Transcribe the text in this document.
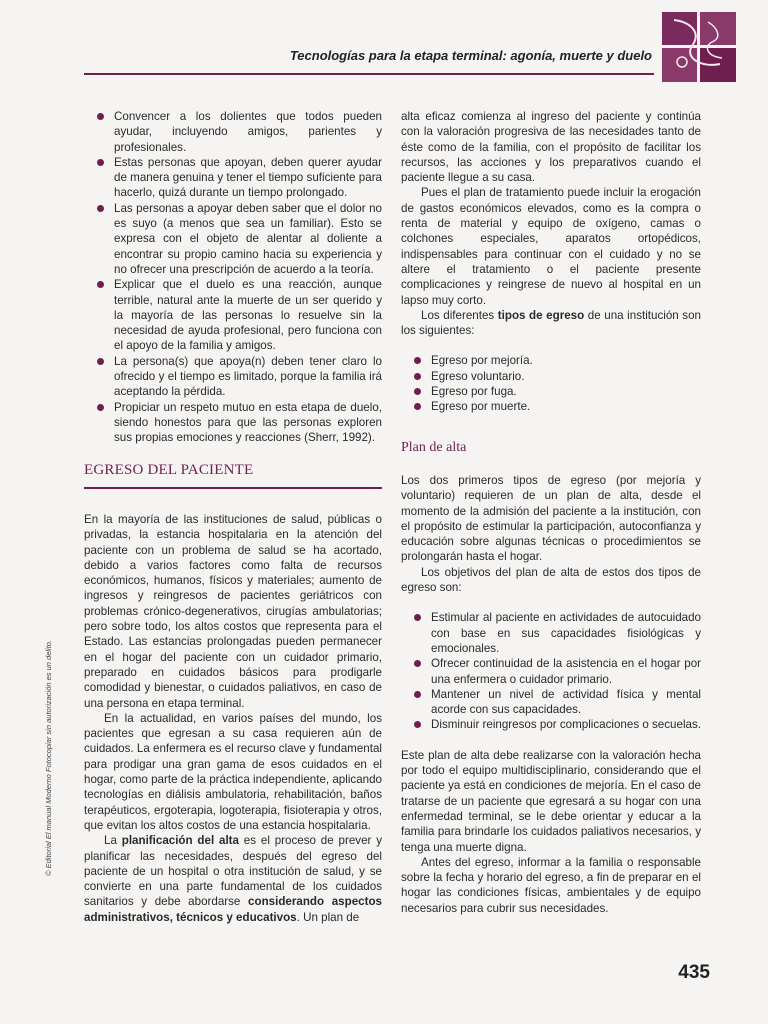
Tecnologías para la etapa terminal: agonía, muerte y duelo
Convencer a los dolientes que todos pueden ayudar, incluyendo amigos, parientes y profesionales.
Estas personas que apoyan, deben querer ayudar de manera genuina y tener el tiempo suficiente para hacerlo, quizá durante un tiempo prolongado.
Las personas a apoyar deben saber que el dolor no es suyo (a menos que sea un familiar). Esto se expresa con el objeto de alentar al doliente a encontrar su propio camino hacia su experiencia y no ofrecer una prescripción de acuerdo a la teoría.
Explicar que el duelo es una reacción, aunque terrible, natural ante la muerte de un ser querido y la mayoría de las personas lo resuelve sin la necesidad de ayuda profesional, pero funciona con el apoyo de la familia y amigos.
La persona(s) que apoya(n) deben tener claro lo ofrecido y el tiempo es limitado, porque la familia irá aceptando la pérdida.
Propiciar un respeto mutuo en esta etapa de duelo, siendo honestos para que las personas exploren sus propias emociones y reacciones (Sherr, 1992).
EGRESO DEL PACIENTE

En la mayoría de las instituciones de salud, públicas o privadas, la estancia hospitalaria en la atención del paciente con un problema de salud se ha acortado, debido a varios factores como falta de recursos económicos, humanos, físicos y materiales; aumento de ingresos y reingresos de pacientes geriátricos con problemas crónico-degenerativos, cirugías ambulatorias; pero sobre todo, los altos costos que representa para el Estado. Las estancias prolongadas pueden permanecer en el hogar del paciente con un cuidador primario, preparado en cuidados básicos para prodigarle comodidad y bienestar, o cuidados paliativos, en caso de una persona en etapa terminal.

En la actualidad, en varios países del mundo, los pacientes que egresan a su casa requieren aún de cuidados. La enfermera es el recurso clave y fundamental para prodigar una gran gama de esos cuidados en el hogar, como parte de la práctica independiente, aplicando tecnologías en diálisis ambulatoria, rehabilitación, baños terapéuticos, ergoterapia, logoterapia, fisioterapia y otros, que evitan los altos costos de una estancia hospitalaria.

La planificación del alta es el proceso de prever y planificar las necesidades, después del egreso del paciente de un hospital o otra institución de salud, y se convierte en una parte fundamental de los cuidados sanitarios y debe abordarse considerando aspectos administrativos, técnicos y educativos. Un plan de

alta eficaz comienza al ingreso del paciente y continúa con la valoración progresiva de las necesidades tanto de éste como de la familia, con el propósito de facilitar los recursos, las acciones y los preparativos cuando el paciente llegue a su casa.

Pues el plan de tratamiento puede incluir la erogación de gastos económicos elevados, como es la compra o renta de material y equipo de oxígeno, camas o colchones especiales, aparatos ortopédicos, indispensables para continuar con el cuidado y no se altere el tratamiento o el paciente presente complicaciones y reingrese de nuevo al hospital en un lapso muy corto.

Los diferentes tipos de egreso de una institución son los siguientes:

Egreso por mejoría.
Egreso voluntario.
Egreso por fuga.
Egreso por muerte.
Plan de alta

Los dos primeros tipos de egreso (por mejoría y voluntario) requieren de un plan de alta, desde el momento de la admisión del paciente a la institución, con el propósito de estimular la participación, autoconfianza y educación sobre algunas técnicas o procedimientos se prolongarán hasta el hogar.

Los objetivos del plan de alta de estos dos tipos de egreso son:

Estimular al paciente en actividades de autocuidado con base en sus capacidades fisiológicas y emocionales.
Ofrecer continuidad de la asistencia en el hogar por una enfermera o cuidador primario.
Mantener un nivel de actividad física y mental acorde con sus capacidades.
Disminuir reingresos por complicaciones o secuelas.

Este plan de alta debe realizarse con la valoración hecha por todo el equipo multidisciplinario, considerando que el paciente ya está en condiciones de mejoría. En el caso de tratarse de un paciente que egresará a su hogar con una enfermedad terminal, se le debe orientar y educar a la familia para brindarle los cuidados paliativos necesarios, y tenga una muerte digna.

Antes del egreso, informar a la familia o responsable sobre la fecha y horario del egreso, a fin de preparar en el hogar las condiciones físicas, ambientales y de equipo necesarios para cubrir sus necesidades.

© Editorial El manual Moderno Fotocopiar sin autorización es un delito.
435
